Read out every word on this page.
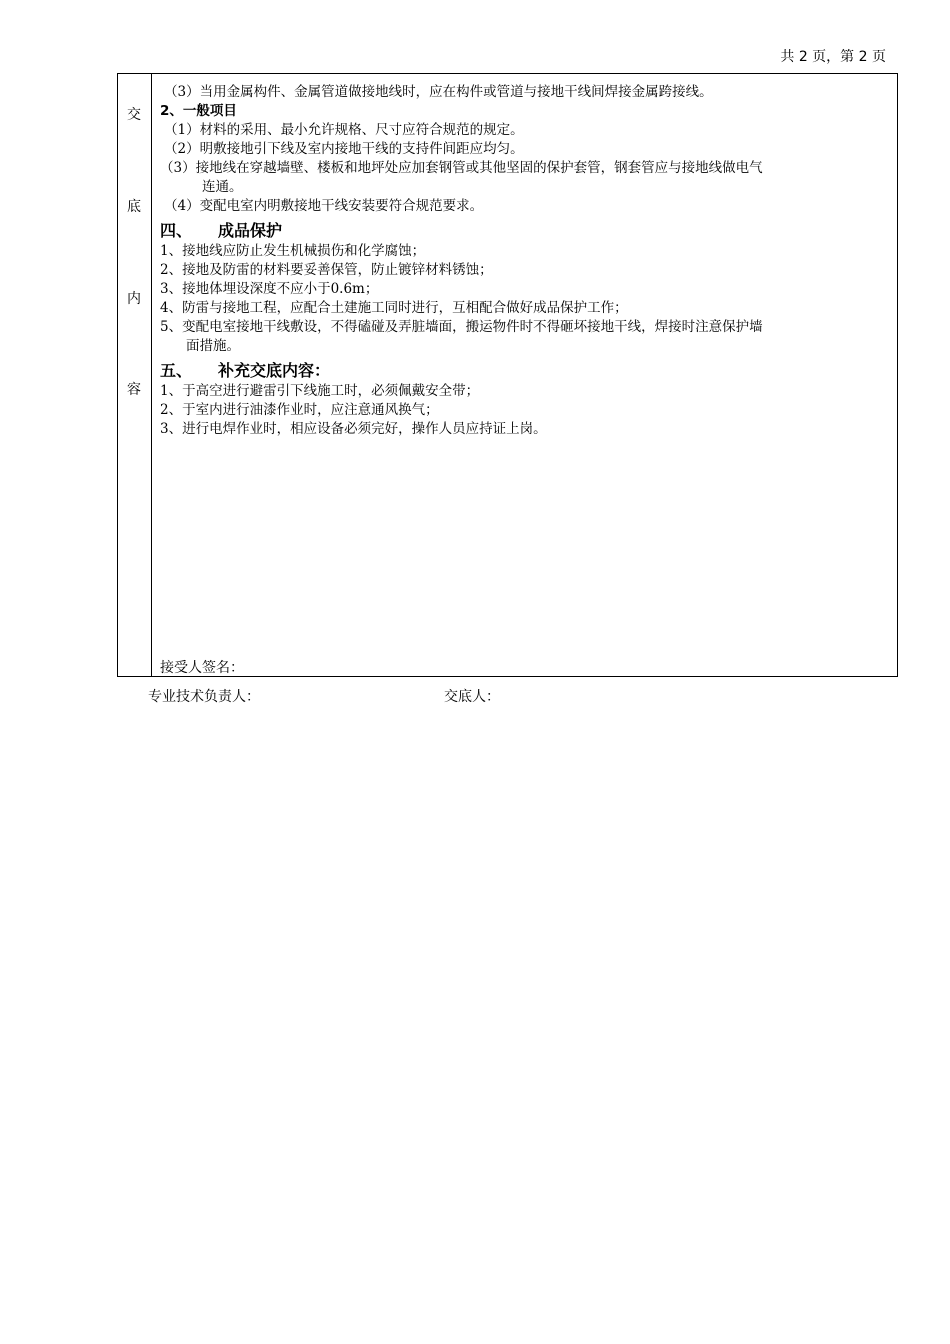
共 2 页，第 2 页
交
底
内
容
（3）当用金属构件、金属管道做接地线时，应在构件或管道与接地干线间焊接金属跨接线。
2、一般项目
（1）材料的采用、最小允许规格、尺寸应符合规范的规定。
（2）明敷接地引下线及室内接地干线的支持件间距应均匀。
（3）接地线在穿越墙壁、楼板和地坪处应加套钢管或其他坚固的保护套管，钢套管应与接地线做电气
连通。
（4）变配电室内明敷接地干线安装要符合规范要求。
四、 成品保护
1、接地线应防止发生机械损伤和化学腐蚀；
2、接地及防雷的材料要妥善保管，防止镀锌材料锈蚀；
3、接地体埋设深度不应小于0.6m；
4、防雷与接地工程，应配合土建施工同时进行，互相配合做好成品保护工作；
5、变配电室接地干线敷设，不得磕碰及弄脏墙面，搬运物件时不得砸坏接地干线，焊接时注意保护墙
面措施。
五、 补充交底内容：
1、于高空进行避雷引下线施工时，必须佩戴安全带；
2、于室内进行油漆作业时，应注意通风换气；
3、进行电焊作业时，相应设备必须完好，操作人员应持证上岗。
接受人签名：
专业技术负责人：	交底人：
